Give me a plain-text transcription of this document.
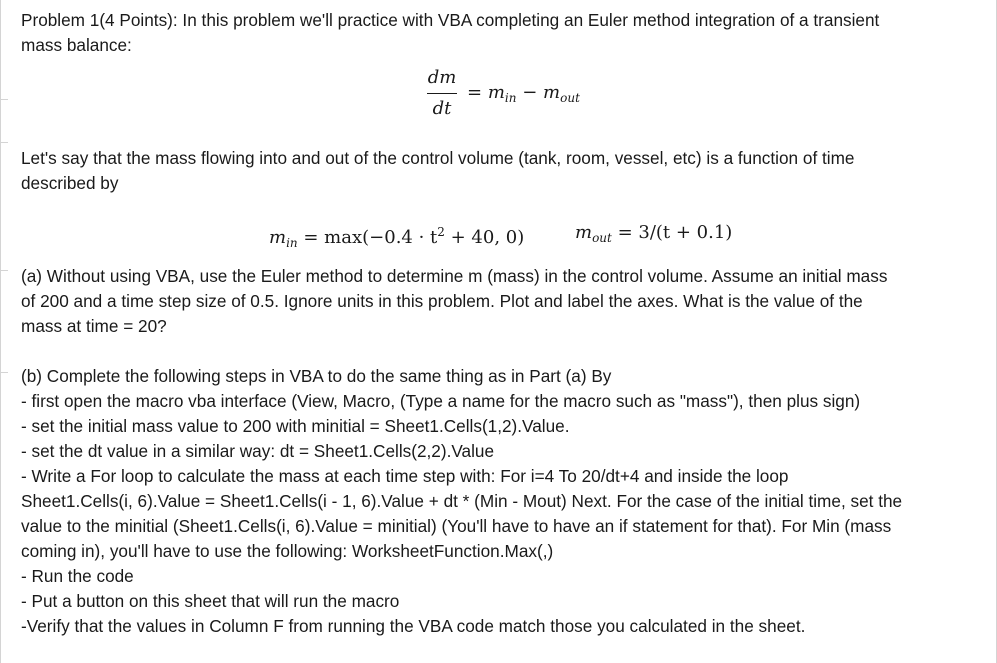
Problem 1(4 Points): In this problem we'll practice with VBA completing an Euler method integration of a transient

mass balance:

dm
dt
= $m_{in} - m_{out}$

Let's say that the mass flowing into and out of the control volume (tank, room, vessel, etc) is a function of time

described by

$m_{in} = \max(-0.4 \cdot t^2 + 40$, 0)	$m_{out} = 3/(t + 0.1)$

(a) Without using VBA, use the Euler method to determine m (mass) in the control volume. Assume an initial mass

of 200 and a time step size of 0.5. Ignore units in this problem. Plot and label the axes. What is the value of the

mass at time = 20?

(b) Complete the following steps in VBA to do the same thing as in Part (a) By

- first open the macro vba interface (View, Macro, (Type a name for the macro such as "mass"), then plus sign)

- set the initial mass value to 200 with minitial = Sheet1.Cells(1,2).Value.

- set the dt value in a similar way: dt = Sheet1.Cells(2,2).Value

- Write a For loop to calculate the mass at each time step with: For i=4 To 20/dt+4 and inside the loop

Sheet1.Cells(i, 6).Value = Sheet1.Cells(i - 1, 6).Value + dt * (Min - Mout) Next. For the case of the initial time, set the

value to the minitial (Sheet1.Cells(i, 6).Value = minitial) (You'll have to have an if statement for that). For Min (mass

coming in), you'll have to use the following: WorksheetFunction.Max(,)

- Run the code

- Put a button on this sheet that will run the macro

-Verify that the values in Column F from running the VBA code match those you calculated in the sheet.
